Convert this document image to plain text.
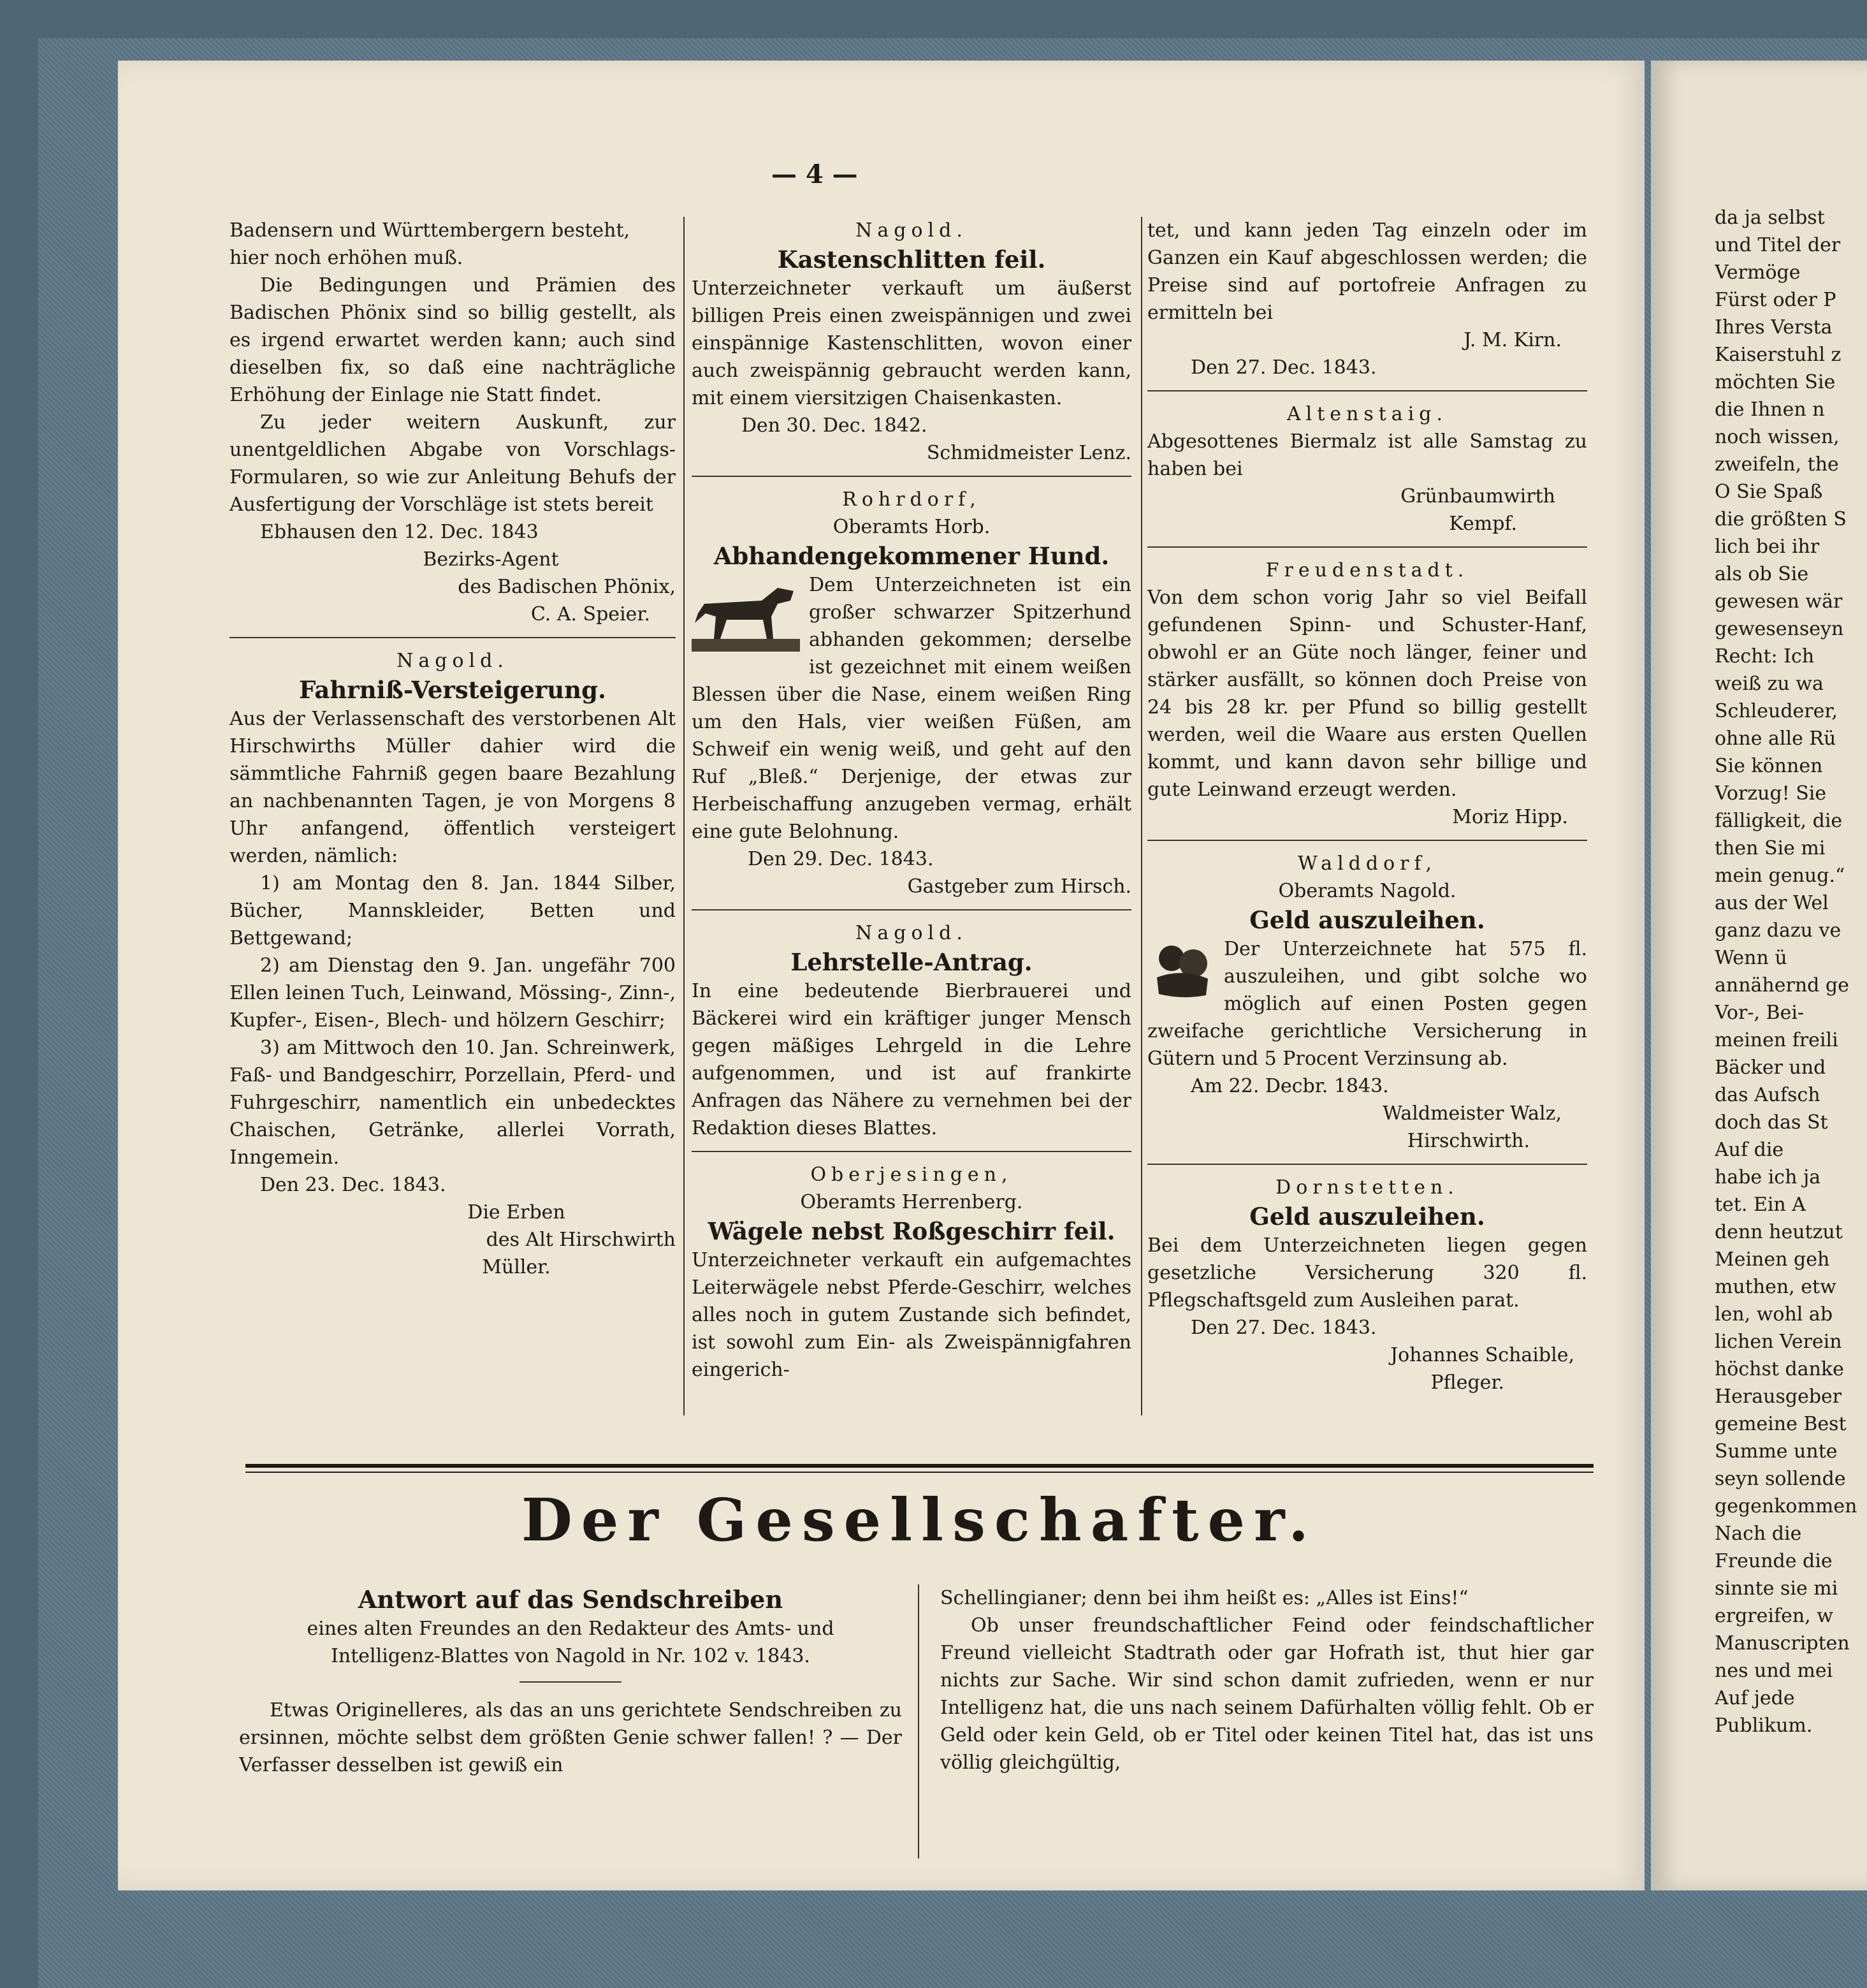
— 4 —

Badensern und Württembergern besteht,

hier noch erhöhen muß.

Die Bedingungen und Prämien des Badischen Phönix sind so billig gestellt, als es irgend erwartet werden kann; auch sind dieselben fix, so daß eine nachträgliche Erhöhung der Einlage nie Statt findet.

Zu jeder weitern Auskunft, zur unentgeldlichen Abgabe von Vorschlags-Formularen, so wie zur Anleitung Behufs der Ausfertigung der Vorschläge ist stets bereit

Ebhausen den 12. Dec. 1843

Bezirks-Agent

des Badischen Phönix,

C. A. Speier.

Nagold.

Fahrniß-Versteigerung.

Aus der Verlassenschaft des verstorbenen Alt Hirschwirths Müller dahier wird die sämmtliche Fahrniß gegen baare Bezahlung an nachbenannten Tagen, je von Morgens 8 Uhr anfangend, öffentlich versteigert werden, nämlich:

1) am Montag den 8. Jan. 1844 Silber, Bücher, Mannskleider, Betten und Bettgewand;

2) am Dienstag den 9. Jan. ungefähr 700 Ellen leinen Tuch, Leinwand, Mössing-, Zinn-, Kupfer-, Eisen-, Blech- und hölzern Geschirr;

3) am Mittwoch den 10. Jan. Schreinwerk, Faß- und Bandgeschirr, Porzellain, Pferd- und Fuhrgeschirr, namentlich ein unbedecktes Chaischen, Getränke, allerlei Vorrath, Inngemein.

Den 23. Dec. 1843.

Die Erben

des Alt Hirschwirth

Müller.

Nagold.

Kastenschlitten feil.

Unterzeichneter verkauft um äußerst billigen Preis einen zweispännigen und zwei einspännige Kastenschlitten, wovon einer auch zweispännig gebraucht werden kann, mit einem viersitzigen Chaisenkasten.

Den 30. Dec. 1842.

Schmidmeister Lenz.

Rohrdorf,

Oberamts Horb.

Abhandengekommener Hund.

Dem Unterzeichneten ist ein großer schwarzer Spitzerhund abhanden gekommen; derselbe ist gezeichnet mit einem weißen Blessen über die Nase, einem weißen Ring um den Hals, vier weißen Füßen, am Schweif ein wenig weiß, und geht auf den Ruf „Bleß.“ Derjenige, der etwas zur Herbeischaffung anzugeben vermag, erhält eine gute Belohnung.

Den 29. Dec. 1843.

Gastgeber zum Hirsch.

Nagold.

Lehrstelle-Antrag.

In eine bedeutende Bierbrauerei und Bäckerei wird ein kräftiger junger Mensch gegen mäßiges Lehrgeld in die Lehre aufgenommen, und ist auf frankirte Anfragen das Nähere zu vernehmen bei der Redaktion dieses Blattes.

Oberjesingen,

Oberamts Herrenberg.

Wägele nebst Roßgeschirr feil.

Unterzeichneter verkauft ein aufgemachtes Leiterwägele nebst Pferde-Geschirr, welches alles noch in gutem Zustande sich befindet, ist sowohl zum Ein- als Zweispännigfahren eingerich-

tet, und kann jeden Tag einzeln oder im Ganzen ein Kauf abgeschlossen werden; die Preise sind auf portofreie Anfragen zu ermitteln bei

J. M. Kirn.

Den 27. Dec. 1843.

Altenstaig.

Abgesottenes Biermalz ist alle Samstag zu haben bei

Grünbaumwirth

Kempf.

Freudenstadt.

Von dem schon vorig Jahr so viel Beifall gefundenen Spinn- und Schuster-Hanf, obwohl er an Güte noch länger, feiner und stärker ausfällt, so können doch Preise von 24 bis 28 kr. per Pfund so billig gestellt werden, weil die Waare aus ersten Quellen kommt, und kann davon sehr billige und gute Leinwand erzeugt werden.

Moriz Hipp.

Walddorf,

Oberamts Nagold.

Geld auszuleihen.

Der Unterzeichnete hat 575 fl. auszuleihen, und gibt solche wo möglich auf einen Posten gegen zweifache gerichtliche Versicherung in Gütern und 5 Procent Verzinsung ab.

Am 22. Decbr. 1843.

Waldmeister Walz,

Hirschwirth.

Dornstetten.

Geld auszuleihen.

Bei dem Unterzeichneten liegen gegen gesetzliche Versicherung 320 fl. Pflegschaftsgeld zum Ausleihen parat.

Den 27. Dec. 1843.

Johannes Schaible,

Pfleger.

Der Gesellschafter.

Antwort auf das Sendschreiben

eines alten Freundes an den Redakteur des Amts- und

Intelligenz-Blattes von Nagold in Nr. 102 v. 1843.

Etwas Originelleres, als das an uns gerichtete Sendschreiben zu ersinnen, möchte selbst dem größten Genie schwer fallen! ? — Der Verfasser desselben ist gewiß ein

Schellingianer; denn bei ihm heißt es: „Alles ist Eins!“

Ob unser freundschaftlicher Feind oder feindschaftlicher Freund vielleicht Stadtrath oder gar Hofrath ist, thut hier gar nichts zur Sache. Wir sind schon damit zufrieden, wenn er nur Intelligenz hat, die uns nach seinem Dafürhalten völlig fehlt. Ob er Geld oder kein Geld, ob er Titel oder keinen Titel hat, das ist uns völlig gleichgültig,

da ja selbst
und Titel der
Vermöge
Fürst oder P
Ihres Versta
Kaiserstuhl z
möchten Sie
die Ihnen n
noch wissen,
zweifeln, the
O Sie Spaß
die größten S
lich bei ihr
als ob Sie
gewesen wär
gewesenseyn
Recht: Ich
weiß zu wa
Schleuderer,
ohne alle Rü
Sie können
Vorzug! Sie
fälligkeit, die
then Sie mi
mein genug.“
aus der Wel
ganz dazu ve
Wenn ü
annähernd ge
Vor-, Bei-
meinen freili
Bäcker und
das Aufsch
doch das St
Auf die
habe ich ja
tet. Ein A
denn heutzut
Meinen geh
muthen, etw
len, wohl ab
lichen Verein
höchst danke
Herausgeber
gemeine Best
Summe unte
seyn sollende
gegenkommen
Nach die
Freunde die
sinnte sie mi
ergreifen, w
Manuscripten
nes und mei
Auf jede
Publikum.
